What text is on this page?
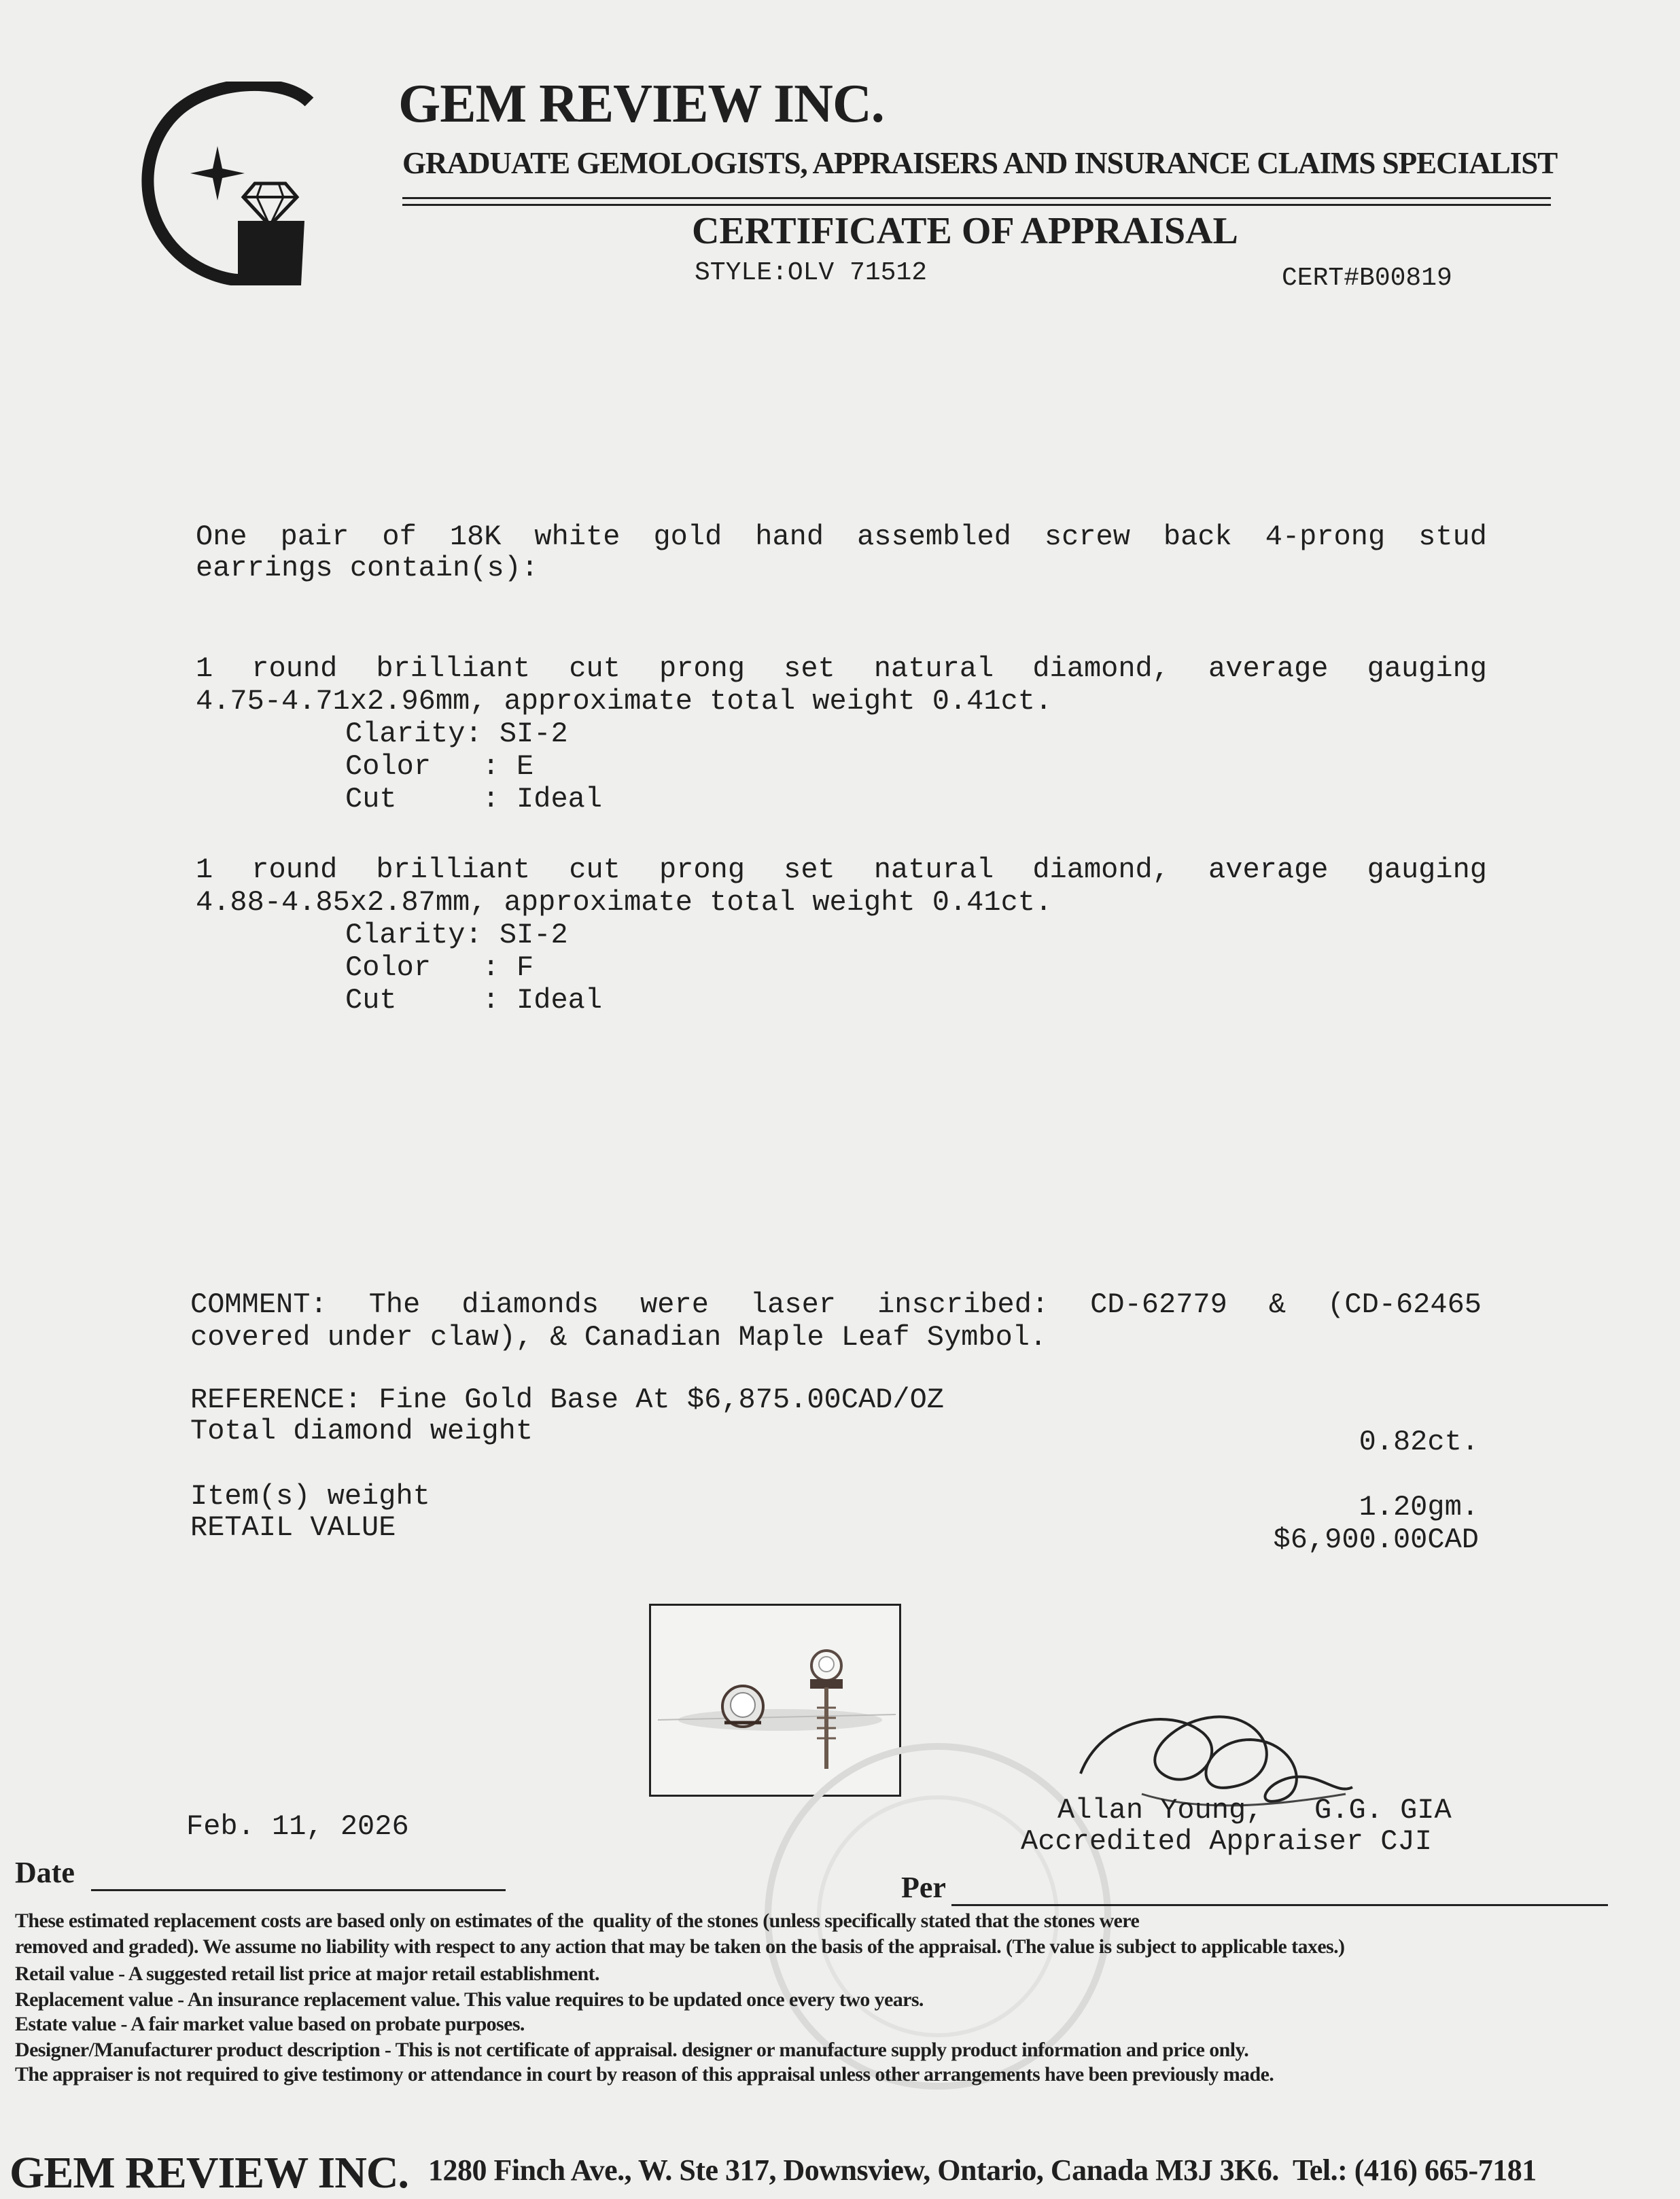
GEM REVIEW INC.
GRADUATE GEMOLOGISTS, APPRAISERS AND INSURANCE CLAIMS SPECIALIST
CERTIFICATE OF APPRAISAL
STYLE:OLV 71512	CERT#B00819
One pair of 18K white gold hand assembled screw back 4-prong stud
earrings contain(s):
1 round brilliant cut prong set natural diamond, average gauging
4.75-4.71x2.96mm, approximate total weight 0.41ct.
Clarity: SI-2
Color   : E
Cut     : Ideal
1 round brilliant cut prong set natural diamond, average gauging
4.88-4.85x2.87mm, approximate total weight 0.41ct.
Clarity: SI-2
Color   : F
Cut     : Ideal
COMMENT: The diamonds were laser inscribed: CD-62779 & (CD-62465
covered under claw), & Canadian Maple Leaf Symbol.
REFERENCE: Fine Gold Base At $6,875.00CAD/OZ
Total diamond weight	0.82ct.
Item(s) weight	1.20gm.
RETAIL VALUE	$6,900.00CAD
Feb. 11, 2026	Allan Young,   G.G. GIA
Accredited Appraiser CJI
Date	Per
These estimated replacement costs are based only on estimates of the  quality of the stones (unless specifically stated that the stones were
removed and graded). We assume no liability with respect to any action that may be taken on the basis of the appraisal. (The value is subject to applicable taxes.)
Retail value - A suggested retail list price at major retail establishment.
Replacement value - An insurance replacement value. This value requires to be updated once every two years.
Estate value - A fair market value based on probate purposes.
Designer/Manufacturer product description - This is not certificate of appraisal. designer or manufacture supply product information and price only.
The appraiser is not required to give testimony or attendance in court by reason of this appraisal unless other arrangements have been previously made.
GEM REVIEW INC. 1280 Finch Ave., W. Ste 317, Downsview, Ontario, Canada M3J 3K6.  Tel.: (416) 665-7181
